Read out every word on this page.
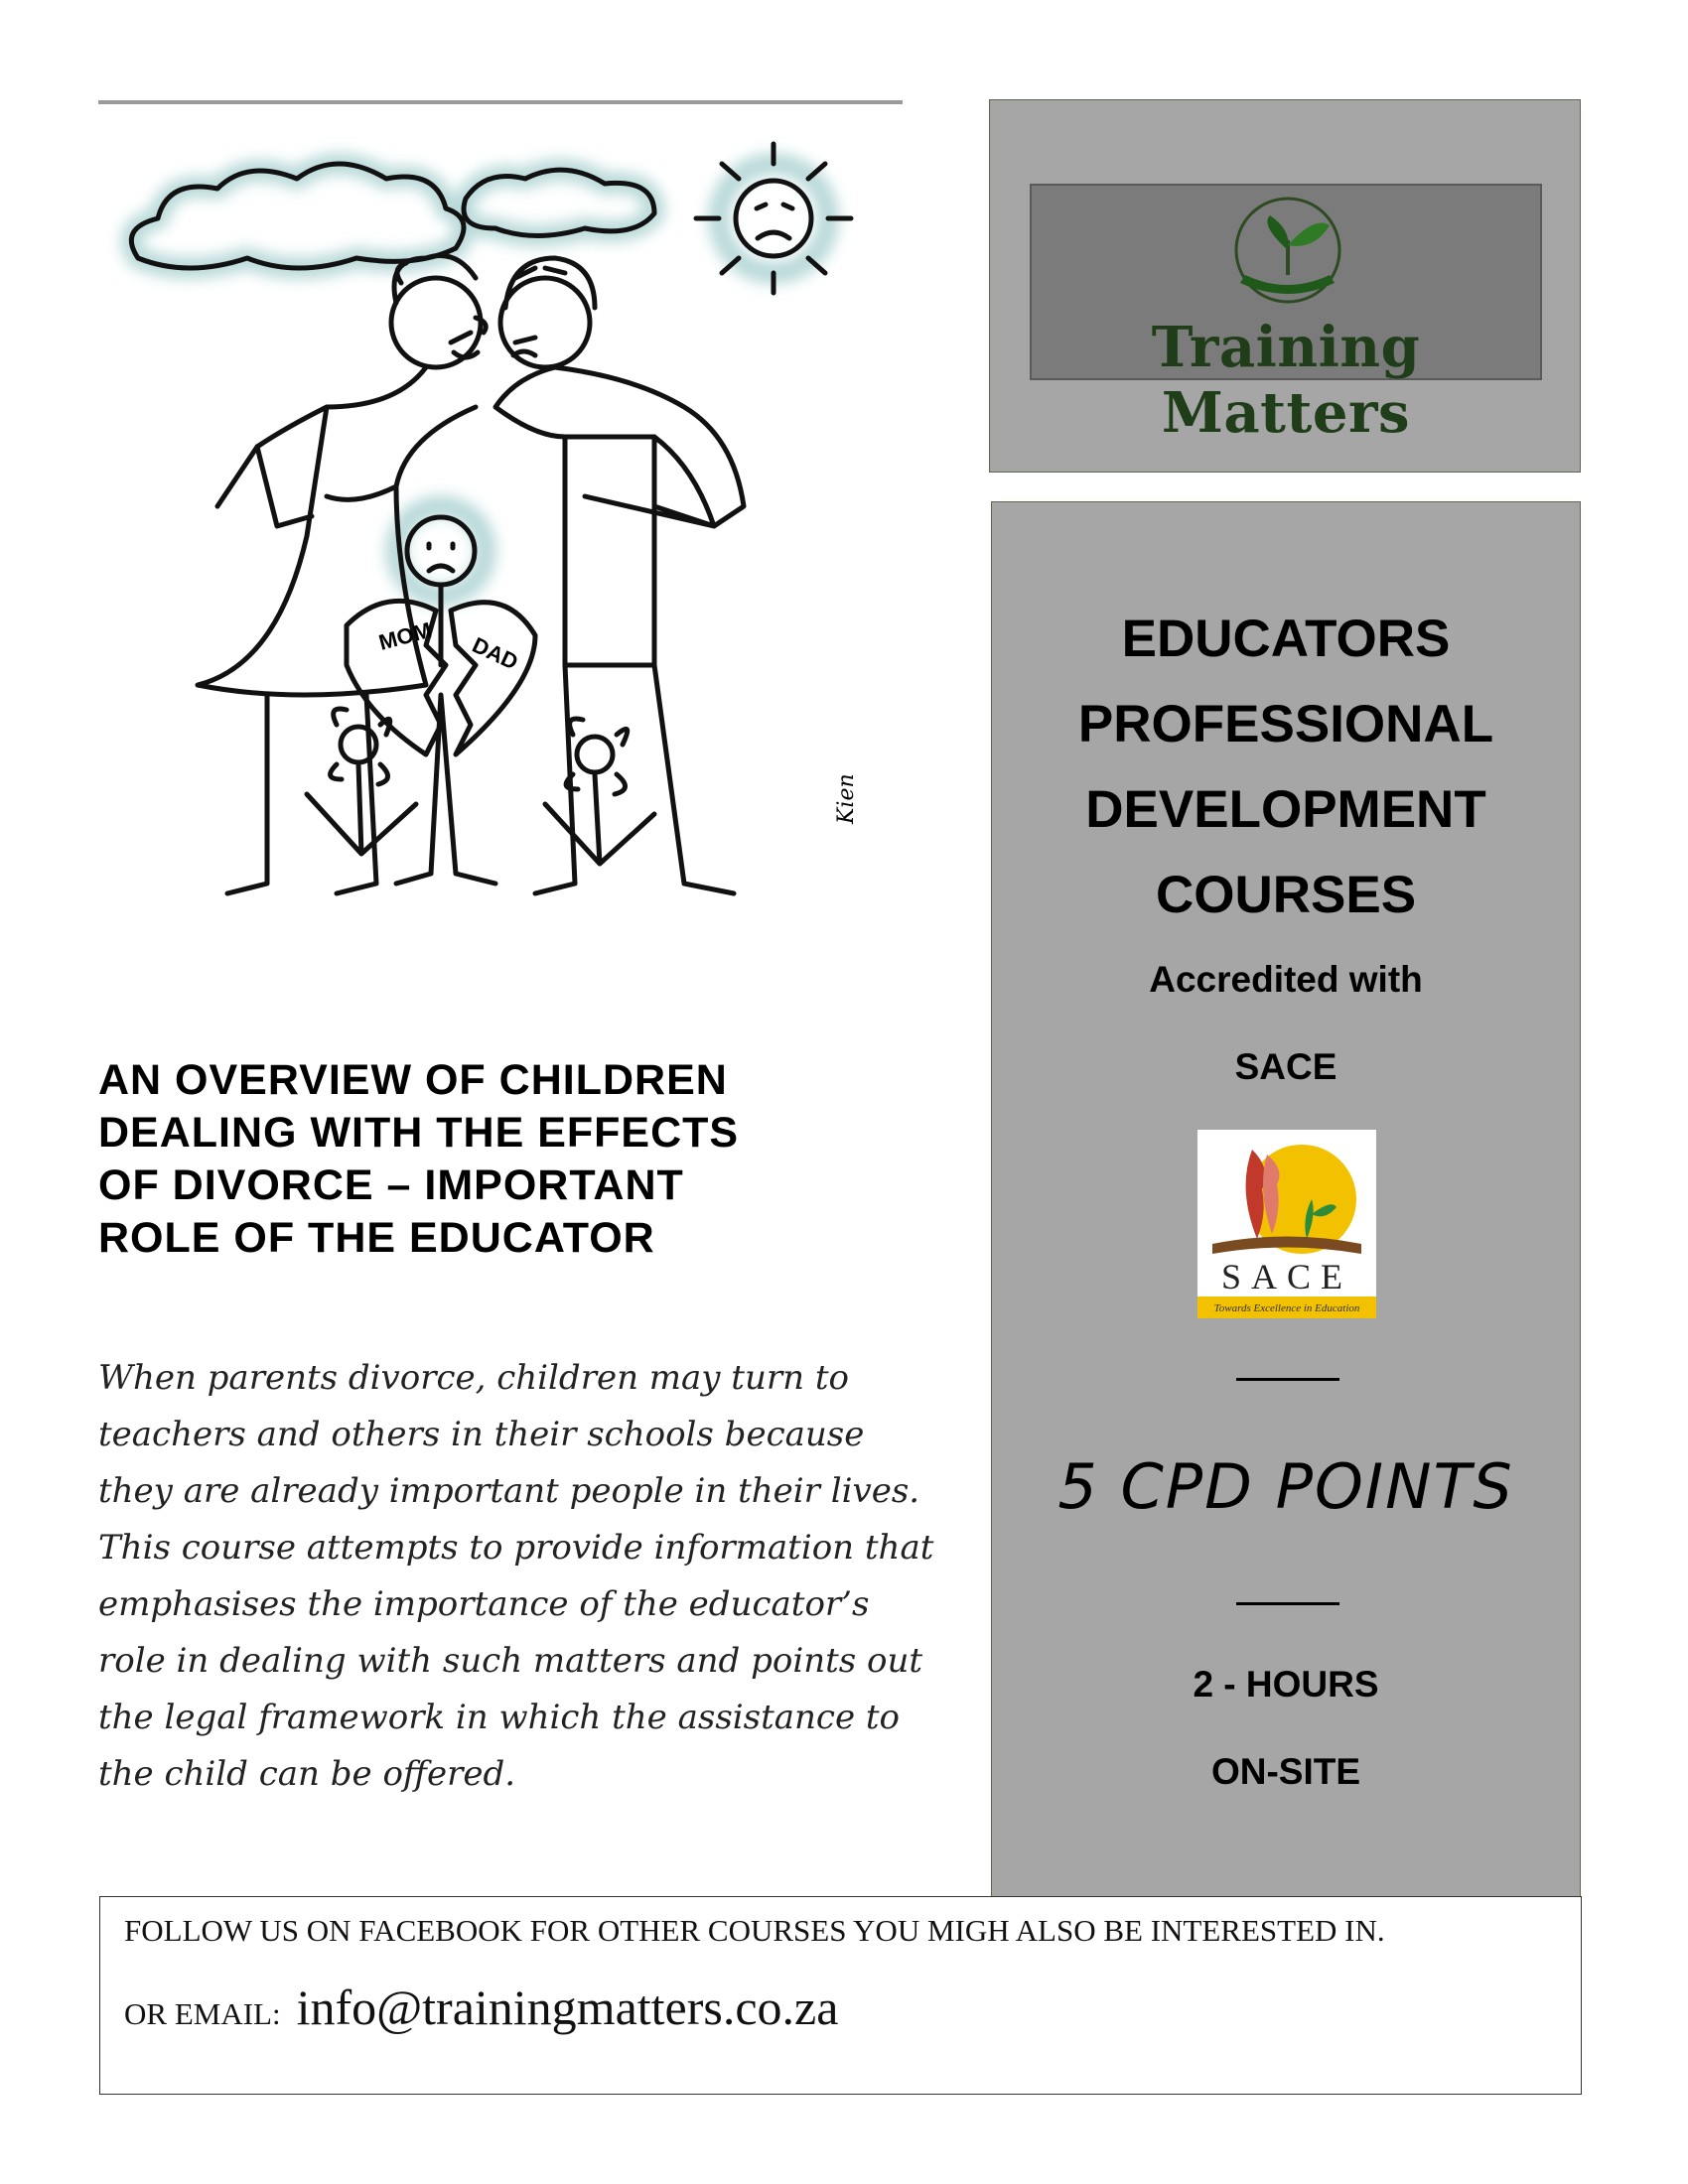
MOM DAD
Kien
Training Matters
EDUCATORS
PROFESSIONAL
DEVELOPMENT
COURSES
Accredited with
SACE
SACE
Towards Excellence in Education
5 CPD POINTS
2 - HOURS
ON-SITE
AN OVERVIEW OF CHILDREN
DEALING WITH THE EFFECTS
OF DIVORCE – IMPORTANT
ROLE OF THE EDUCATOR
When parents divorce, children may turn to teachers and others in their schools because they are already important people in their lives. This course attempts to provide information that emphasises the importance of the educator’s role in dealing with such matters and points out the legal framework in which the assistance to the child can be offered.
FOLLOW US ON FACEBOOK FOR OTHER COURSES YOU MIGH ALSO BE INTERESTED IN.
OR EMAIL: info@trainingmatters.co.za
